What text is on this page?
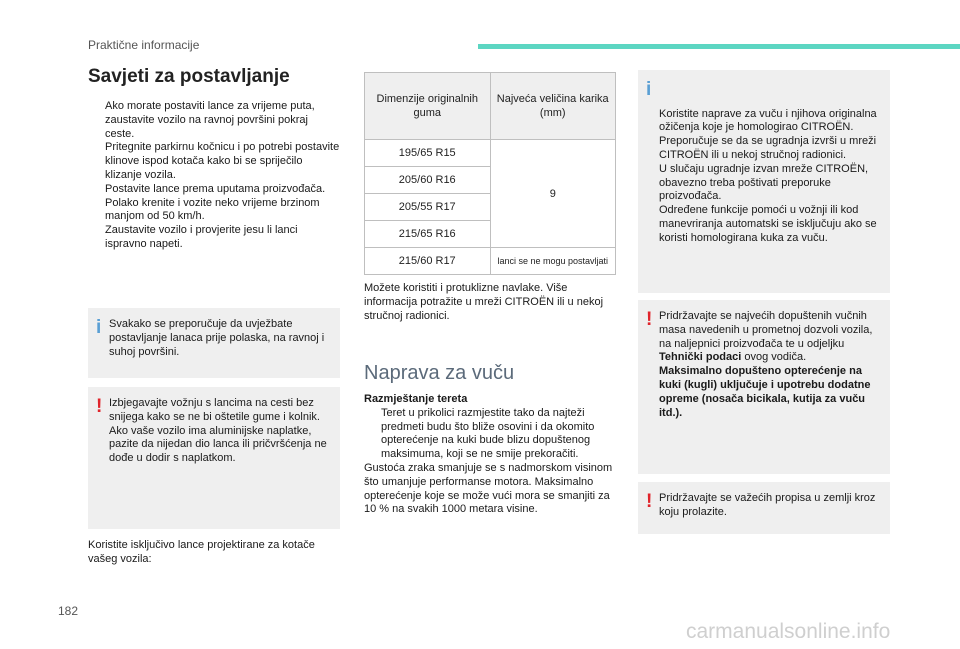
Praktične informacije
Savjeti za postavljanje

Ako morate postaviti lance za vrijeme puta, zaustavite vozilo na ravnoj površini pokraj ceste.

Pritegnite parkirnu kočnicu i po potrebi postavite klinove ispod kotača kako bi se spriječilo klizanje vozila.

Postavite lance prema uputama proizvođača.

Polako krenite i vozite neko vrijeme brzinom manjom od 50 km/h.

Zaustavite vozilo i provjerite jesu li lanci ispravno napeti.

i Svakako se preporučuje da uvježbate postavljanje lanaca prije polaska, na ravnoj i suhoj površini.
! Izbjegavajte vožnju s lancima na cesti bez snijega kako se ne bi oštetile gume i kolnik. Ako vaše vozilo ima aluminijske naplatke, pazite da nijedan dio lanca ili pričvršćenja ne dođe u dodir s naplatkom.
Koristite isključivo lance projektirane za kotače vašeg vozila:
Dimenzije originalnih guma	Najveća veličina karika (mm)
195/65 R15	9
205/60 R16	
205/55 R17	
215/65 R16	
215/60 R17	lanci se ne mogu postavljati
Možete koristiti i protuklizne navlake. Više informacija potražite u mreži CITROËN ili u nekoj stručnoj radionici.
Naprava za vuču
Razmještanje tereta

Teret u prikolici razmjestite tako da najteži predmeti budu što bliže osovini i da okomito opterećenje na kuki bude blizu dopuštenog maksimuma, koji se ne smije prekoračiti.

Gustoća zraka smanjuje se s nadmorskom visinom što umanjuje performanse motora. Maksimalno opterećenje koje se može vući mora se smanjiti za 10 % na svakih 1000 metara visine.

i

Koristite naprave za vuču i njihova originalna ožičenja koje je homologirao CITROËN. Preporučuje se da se ugradnja izvrši u mreži CITROËN ili u nekoj stručnoj radionici.
U slučaju ugradnje izvan mreže CITROËN, obavezno treba poštivati preporuke proizvođača.
Određene funkcije pomoći u vožnji ili kod manevriranja automatski se isključuju ako se koristi homologirana kuka za vuču.

! Pridržavajte se najvećih dopuštenih vučnih masa navedenih u prometnoj dozvoli vozila, na naljepnici proizvođača te u odjeljku Tehnički podaci ovog vodiča.
Maksimalno dopušteno opterećenje na kuki (kugli) uključuje i upotrebu dodatne opreme (nosača bicikala, kutija za vuču itd.).
! Pridržavajte se važećih propisa u zemlji kroz koju prolazite.
182
carmanualsonline.info
